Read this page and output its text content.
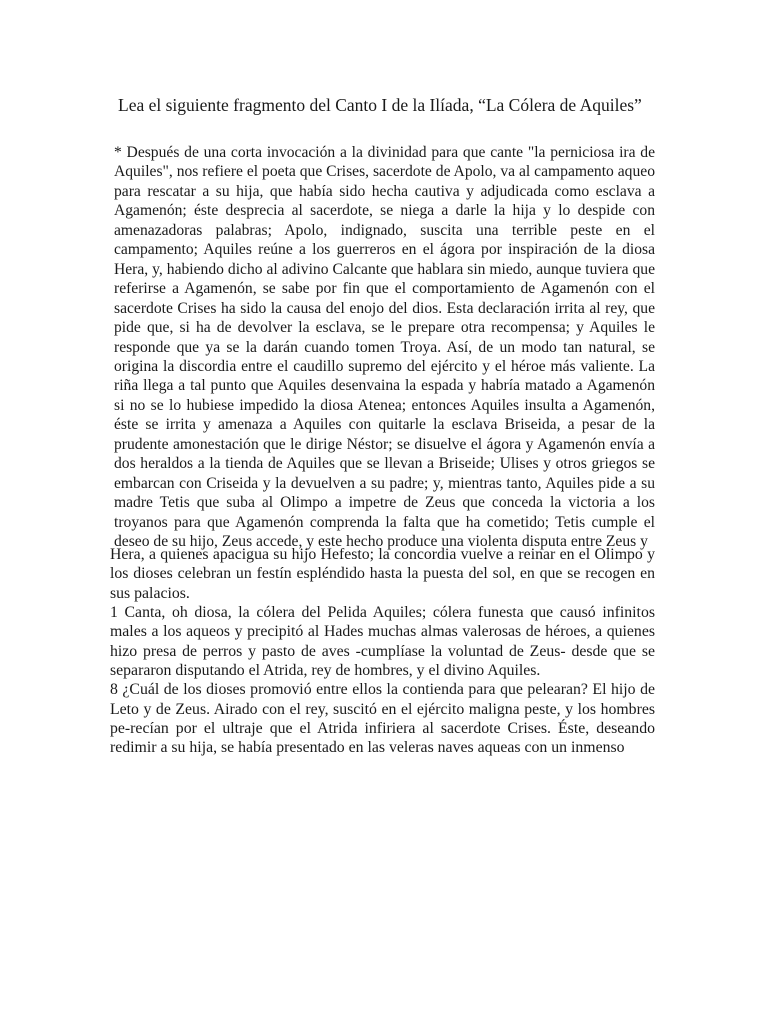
Lea el siguiente fragmento del Canto I de la Ilíada, “La Cólera de Aquiles”

* Después de una corta invocación a la divinidad para que cante "la perniciosa ira de Aquiles", nos refiere el poeta que Crises, sacerdote de Apolo, va al campamento aqueo para rescatar a su hija, que había sido hecha cautiva y adjudicada como esclava a Agamenón; éste desprecia al sacerdote, se niega a darle la hija y lo despide con amenazadoras palabras; Apolo, indignado, suscita una terrible peste en el campamento; Aquiles reúne a los guerreros en el ágora por inspiración de la diosa Hera, y, habiendo dicho al adivino Calcante que hablara sin miedo, aunque tuviera que referirse a Agamenón, se sabe por fin que el comportamiento de Agamenón con el sacerdote Crises ha sido la causa del enojo del dios. Esta declaración irrita al rey, que pide que, si ha de devolver la esclava, se le prepare otra recompensa; y Aquiles le responde que ya se la darán cuando tomen Troya. Así, de un modo tan natural, se origina la discordia entre el caudillo supremo del ejército y el héroe más valiente. La riña llega a tal punto que Aquiles desenvaina la espada y habría matado a Agamenón si no se lo hubiese impedido la diosa Atenea; entonces Aquiles insulta a Agamenón, éste se irrita y amenaza a Aquiles con quitarle la esclava Briseida, a pesar de la prudente amonestación que le dirige Néstor; se disuelve el ágora y Agamenón envía a dos heraldos a la tienda de Aquiles que se llevan a Briseide; Ulises y otros griegos se embarcan con Criseida y la devuelven a su padre; y, mientras tanto, Aquiles pide a su madre Tetis que suba al Olimpo a impetre de Zeus que conceda la victoria a los troyanos para que Agamenón comprenda la falta que ha cometido; Tetis cumple el deseo de su hijo, Zeus accede, y este hecho produce una violenta disputa entre Zeus y

Hera, a quienes apacigua su hijo Hefesto; la concordia vuelve a reinar en el Olimpo y los dioses celebran un festín espléndido hasta la puesta del sol, en que se recogen en sus palacios.

1 Canta, oh diosa, la cólera del Pelida Aquiles; cólera funesta que causó infinitos males a los aqueos y precipitó al Hades muchas almas valerosas de héroes, a quienes hizo presa de perros y pasto de aves -cumplíase la voluntad de Zeus- desde que se separaron disputando el Atrida, rey de hombres, y el divino Aquiles.

8 ¿Cuál de los dioses promovió entre ellos la contienda para que pelearan? El hijo de Leto y de Zeus. Airado con el rey, suscitó en el ejército maligna peste, y los hombres pe-recían por el ultraje que el Atrida infiriera al sacerdote Crises. Éste, deseando redimir a su hija, se había presentado en las veleras naves aqueas con un inmenso
